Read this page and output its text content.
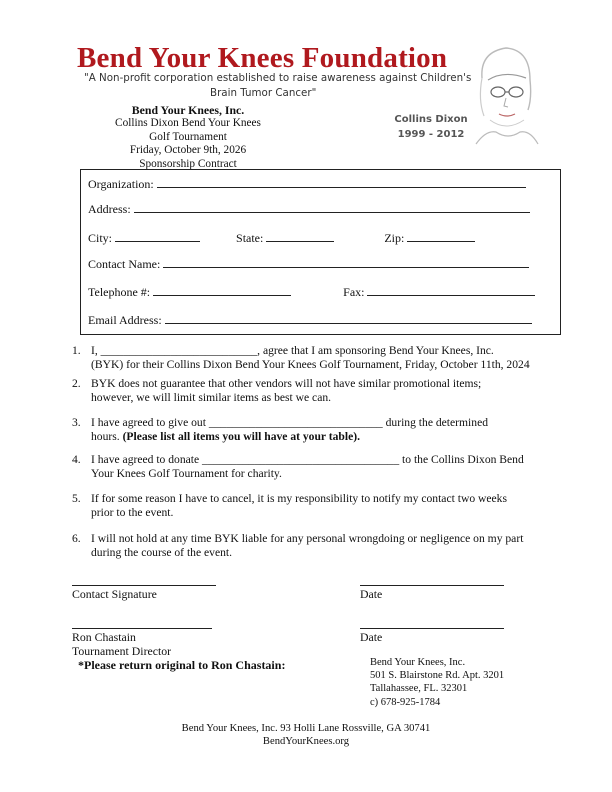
Bend Your Knees Foundation
"A Non-profit corporation established to raise awareness against Children's
Brain Tumor Cancer"
Collins Dixon
1999 - 2012
Bend Your Knees, Inc.
Collins Dixon Bend Your Knees
Golf Tournament
Friday, October 9th, 2026
Sponsorship Contract
Organization:
Address:
City:	State:	Zip:
Contact Name:
Telephone #:	Fax:
Email Address:
1. I, ___________________________, agree that I am sponsoring Bend Your Knees, Inc.
(BYK) for their Collins Dixon Bend Your Knees Golf Tournament, Friday, October 11th, 2024
2. BYK does not guarantee that other vendors will not have similar promotional items;
however, we will limit similar items as best we can.
3. I have agreed to give out ______________________________ during the determined
hours. (Please list all items you will have at your table).
4. I have agreed to donate __________________________________ to the Collins Dixon Bend
Your Knees Golf Tournament for charity.
5. If for some reason I have to cancel, it is my responsibility to notify my contact two weeks
prior to the event.
6. I will not hold at any time BYK liable for any personal wrongdoing or negligence on my part
during the course of the event.
Contact Signature	Date
Ron Chastain
Tournament Director
Date
*Please return original to Ron Chastain:	Bend Your Knees, Inc.
501 S. Blairstone Rd. Apt. 3201
Tallahassee, FL. 32301
c) 678-925-1784
Bend Your Knees, Inc. 93 Holli Lane Rossville, GA 30741
BendYourKnees.org
